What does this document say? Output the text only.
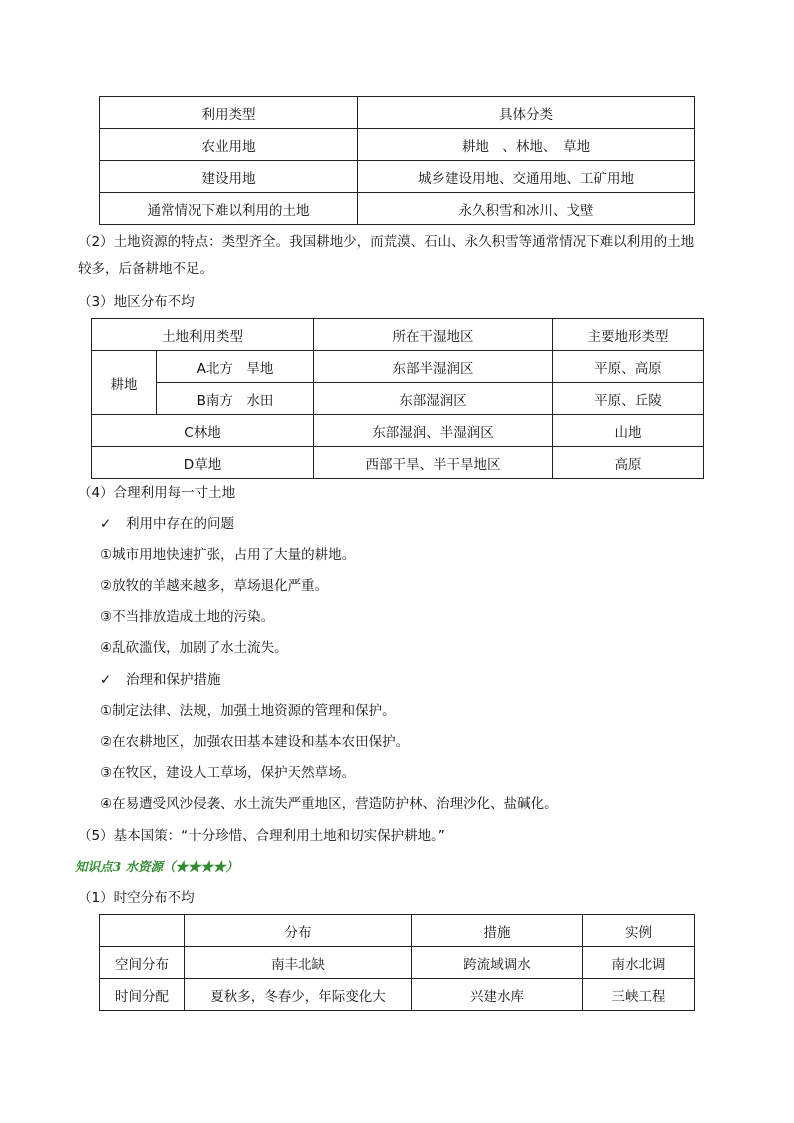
利用类型	具体分类
农业用地	耕地　、林地、　草地
建设用地	城乡建设用地、交通用地、工矿用地
通常情况下难以利用的土地	永久积雪和冰川、戈壁
（2）土地资源的特点：类型齐全。我国耕地少，而荒漠、石山、永久积雪等通常情况下难以利用的土地较多，后备耕地不足。
（3）地区分布不均
土地利用类型		所在干湿地区	主要地形类型
耕地	A北方　旱地	东部半湿润区	平原、高原
	B南方　水田	东部湿润区	平原、丘陵
C林地		东部湿润、半湿润区	山地
D草地		西部干旱、半干旱地区	高原
（4）合理利用每一寸土地
✓ 利用中存在的问题
①城市用地快速扩张，占用了大量的耕地。
②放牧的羊越来越多，草场退化严重。
③不当排放造成土地的污染。
④乱砍滥伐，加剧了水土流失。
✓ 治理和保护措施
①制定法律、法规，加强土地资源的管理和保护。
②在农耕地区，加强农田基本建设和基本农田保护。
③在牧区，建设人工草场，保护天然草场。
④在易遭受风沙侵袭、水土流失严重地区，营造防护林、治理沙化、盐碱化。
（5）基本国策：“十分珍惜、合理利用土地和切实保护耕地。”
知识点3 水资源（★★★★）
（1）时空分布不均
	分布	措施	实例
空间分布	南丰北缺	跨流域调水	南水北调
时间分配	夏秋多，冬春少，年际变化大	兴建水库	三峡工程
